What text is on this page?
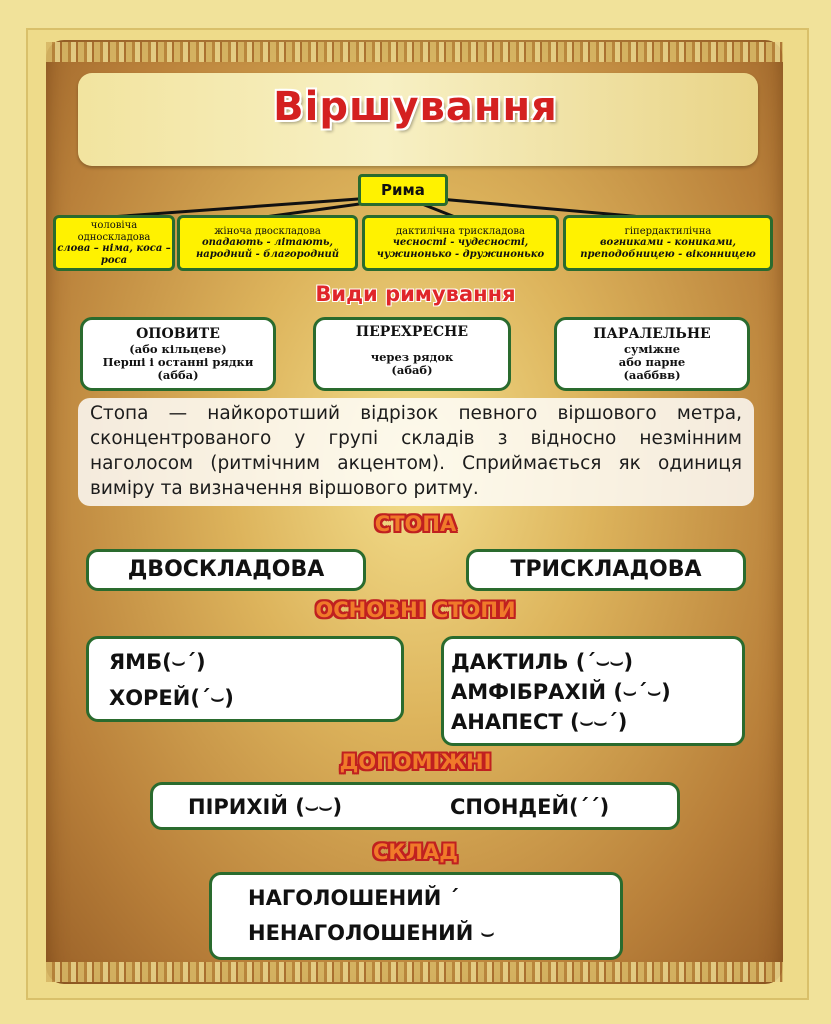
Віршування
Рима
чоловіча односкладова
слова – німа, коса – роса
жіноча двоскладова
опадають - літають, народний - благородний
дактилічна трискладова
чесності - чудесності, чужинонько - дружинонько
гіпердактилічна
вогниками - кониками, преподобницею - віконницею
Види римування
ОПОВИТЕ
(або кільцеве)
Перші і останні рядки
(абба)
ПЕРЕХРЕСНЕ
через рядок
(абаб)
ПАРАЛЕЛЬНЕ
суміжне
або парне
(ааббвв)
Стопа — найкоротший відрізок певного віршового метра, сконцентрованого у групі складів з відносно незмінним наголосом (ритмічним акцентом). Сприймається як одиниця виміру та визначення віршового ритму.
СТОПА
ДВОСКЛАДОВА	ТРИСКЛАДОВА
ОСНОВНІ СТОПИ
ЯМБ(⌣ˊ)
ХОРЕЙ(ˊ⌣)
ДАКТИЛЬ (ˊ⌣⌣)
АМФІБРАХІЙ (⌣ˊ⌣)
АНАПЕСТ (⌣⌣ˊ)
ДОПОМІЖНІ
ПІРИХІЙ (⌣⌣)	СПОНДЕЙ(ˊˊ)
СКЛАД
НАГОЛОШЕНИЙ ˊ
НЕНАГОЛОШЕНИЙ ⌣
